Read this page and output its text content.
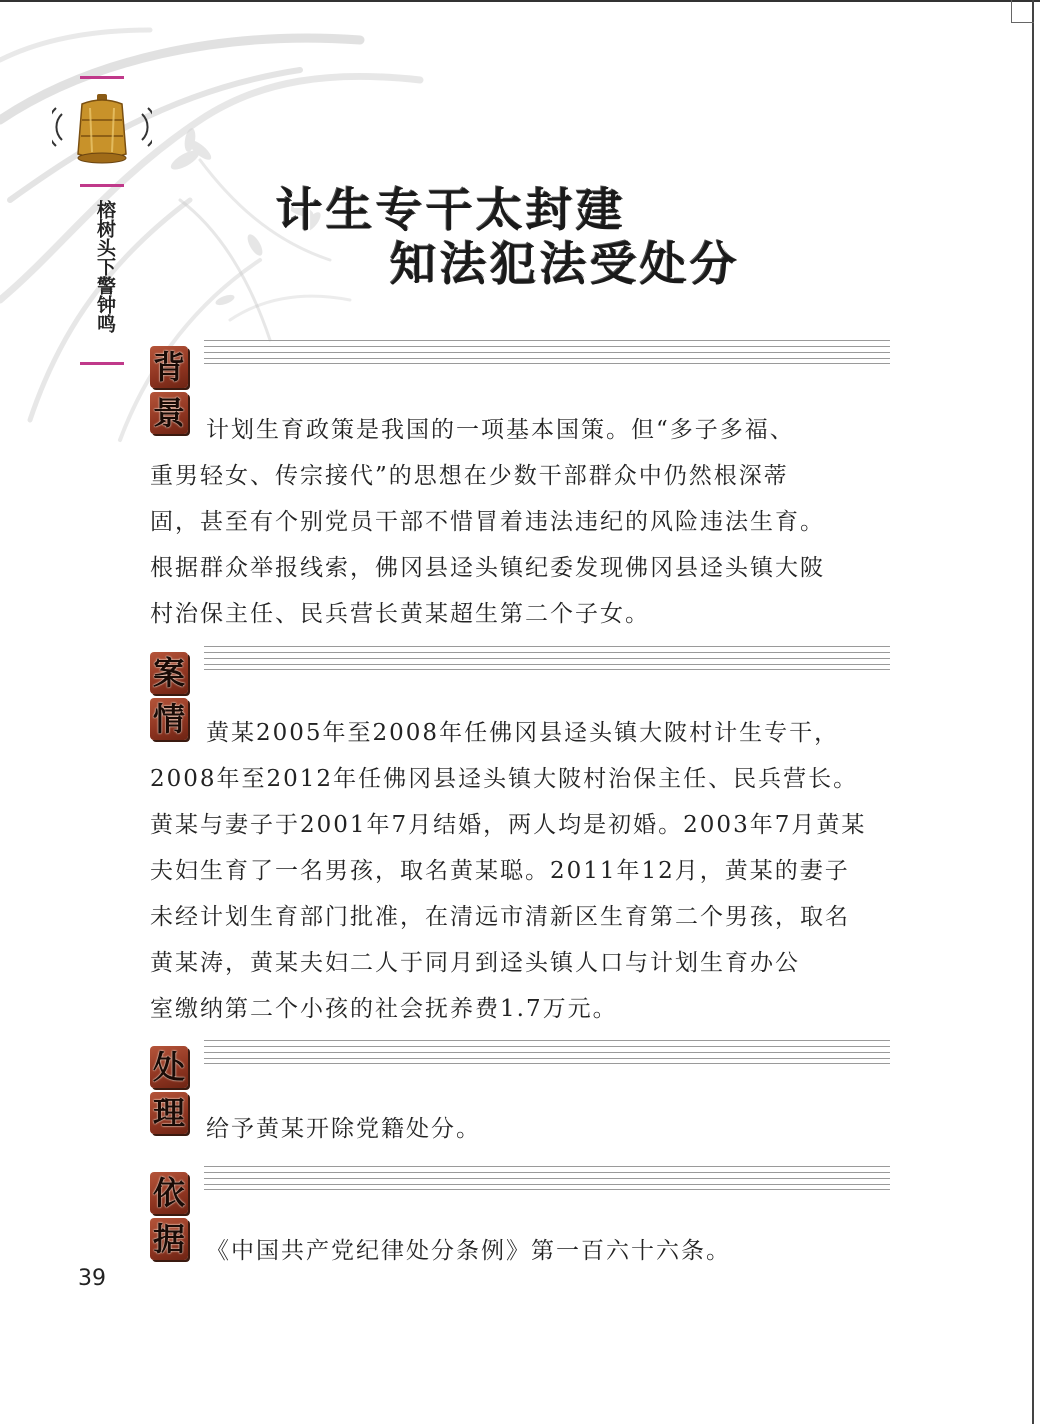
榕树头下警钟鸣	计生专干太封建
知法犯法受处分
背
景 计划生育政策是我国的一项基本国策。但“多子多福、
重男轻女、传宗接代”的思想在少数干部群众中仍然根深蒂
固，甚至有个别党员干部不惜冒着违法违纪的风险违法生育。
根据群众举报线索，佛冈县迳头镇纪委发现佛冈县迳头镇大陂
村治保主任、民兵营长黄某超生第二个子女。
案
情 黄某2005年至2008年任佛冈县迳头镇大陂村计生专干，
2008年至2012年任佛冈县迳头镇大陂村治保主任、民兵营长。
黄某与妻子于2001年7月结婚，两人均是初婚。2003年7月黄某
夫妇生育了一名男孩，取名黄某聪。2011年12月，黄某的妻子
未经计划生育部门批准，在清远市清新区生育第二个男孩，取名
黄某涛，黄某夫妇二人于同月到迳头镇人口与计划生育办公
室缴纳第二个小孩的社会抚养费1.7万元。
处
理 给予黄某开除党籍处分。
依
据 《中国共产党纪律处分条例》第一百六十六条。
39
